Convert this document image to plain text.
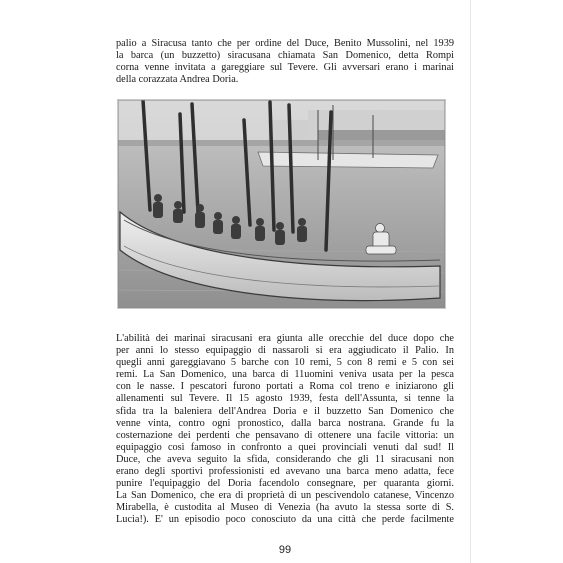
palio a Siracusa tanto che per ordine del Duce, Benito Mussolini, nel 1939
la barca (un buzzetto) siracusana chiamata San Domenico, detta Rompi
corna venne invitata a gareggiare sul Tevere. Gli avversari erano i marinai
della corazzata Andrea Doria.
L'abilità dei marinai siracusani era giunta alle orecchie del duce dopo che
per anni lo stesso equipaggio di nassaroli si era aggiudicato il Palio. In
quegli anni gareggiavano 5 barche con 10 remi, 5 con 8 remi e 5 con sei
remi. La San Domenico, una barca di 11uomini veniva usata per la pesca
con le nasse. I pescatori furono portati a Roma col treno e iniziarono gli
allenamenti sul Tevere. Il 15 agosto 1939, festa dell'Assunta, si tenne la
sfida tra la baleniera dell'Andrea Doria e il buzzetto San Domenico che
venne vinta, contro ogni pronostico, dalla barca nostrana. Grande fu la
costernazione dei perdenti che pensavano di ottenere una facile vittoria: un
equipaggio così famoso in confronto a quei provinciali venuti dal sud! Il
Duce, che aveva seguito la sfida, considerando che gli 11 siracusani non
erano degli sportivi professionisti ed avevano una barca meno adatta, fece
punire l'equipaggio del Doria facendolo consegnare, per quaranta giorni.
La San Domenico, che era di proprietà di un pescivendolo catanese, Vincenzo
Mirabella, è custodita al Museo di Venezia (ha avuto la stessa sorte di S.
Lucia!). E' un episodio poco conosciuto da una città che perde facilmente
99
